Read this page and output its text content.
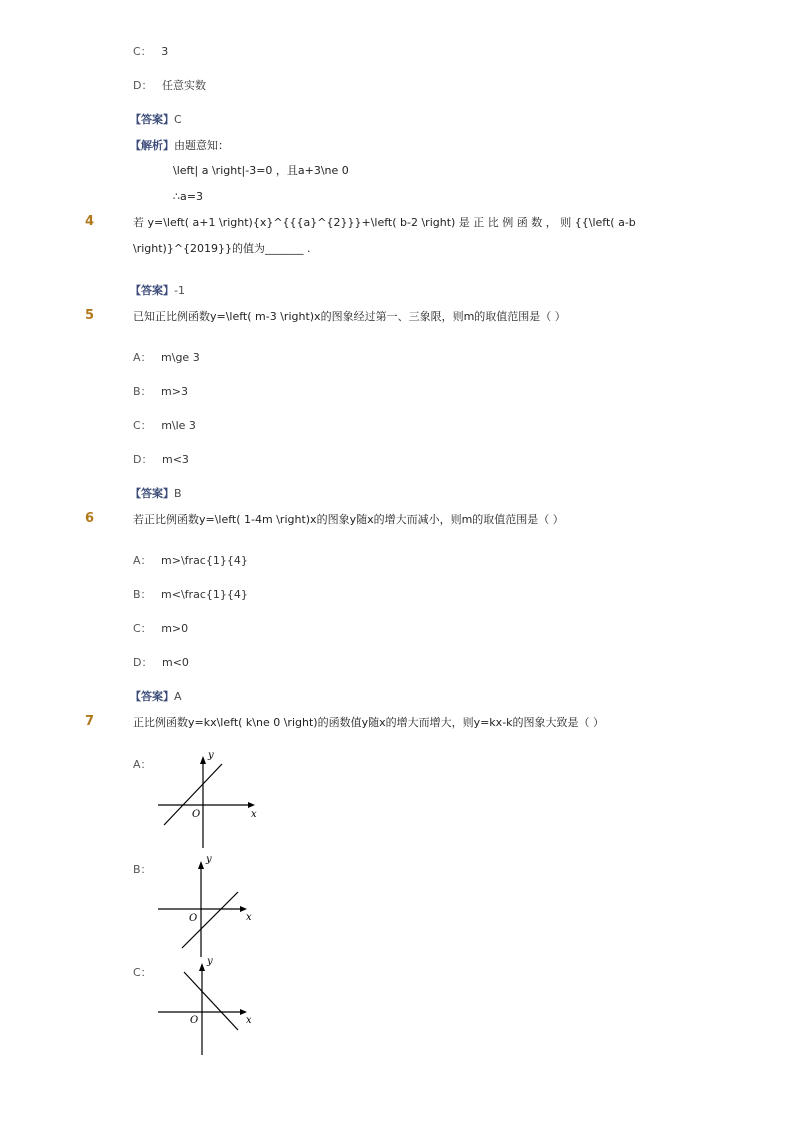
C： 3
D： 任意实数
【答案】C
【解析】由题意知：
\left| a \right|-3=0 ，且a+3\ne 0
∴a=3
4	若 y=\left( a+1 \right){x}^{{{a}^{2}}}+\left( b-2 \right) 是 正 比 例 函 数 ， 则 {{\left( a-b
\right)}^{2019}}的值为_______ .
【答案】-1
5	已知正比例函数y=\left( m-3 \right)x的图象经过第一、三象限，则m的取值范围是（ ）
A： m\ge 3
B： m>3
C： m\le 3
D： m<3
【答案】B
6	若正比例函数y=\left( 1-4m \right)x的图象y随x的增大而减小，则m的取值范围是（ ）
A： m>\frac{1}{4}
B： m<\frac{1}{4}
C： m>0
D： m<0
【答案】A
7	正比例函数y=kx\left( k\ne 0 \right)的函数值y随x的增大而增大，则y=kx-k的图象大致是（ ）
A：
y
x
O
B：
y
x
O
C：
y
x
O
